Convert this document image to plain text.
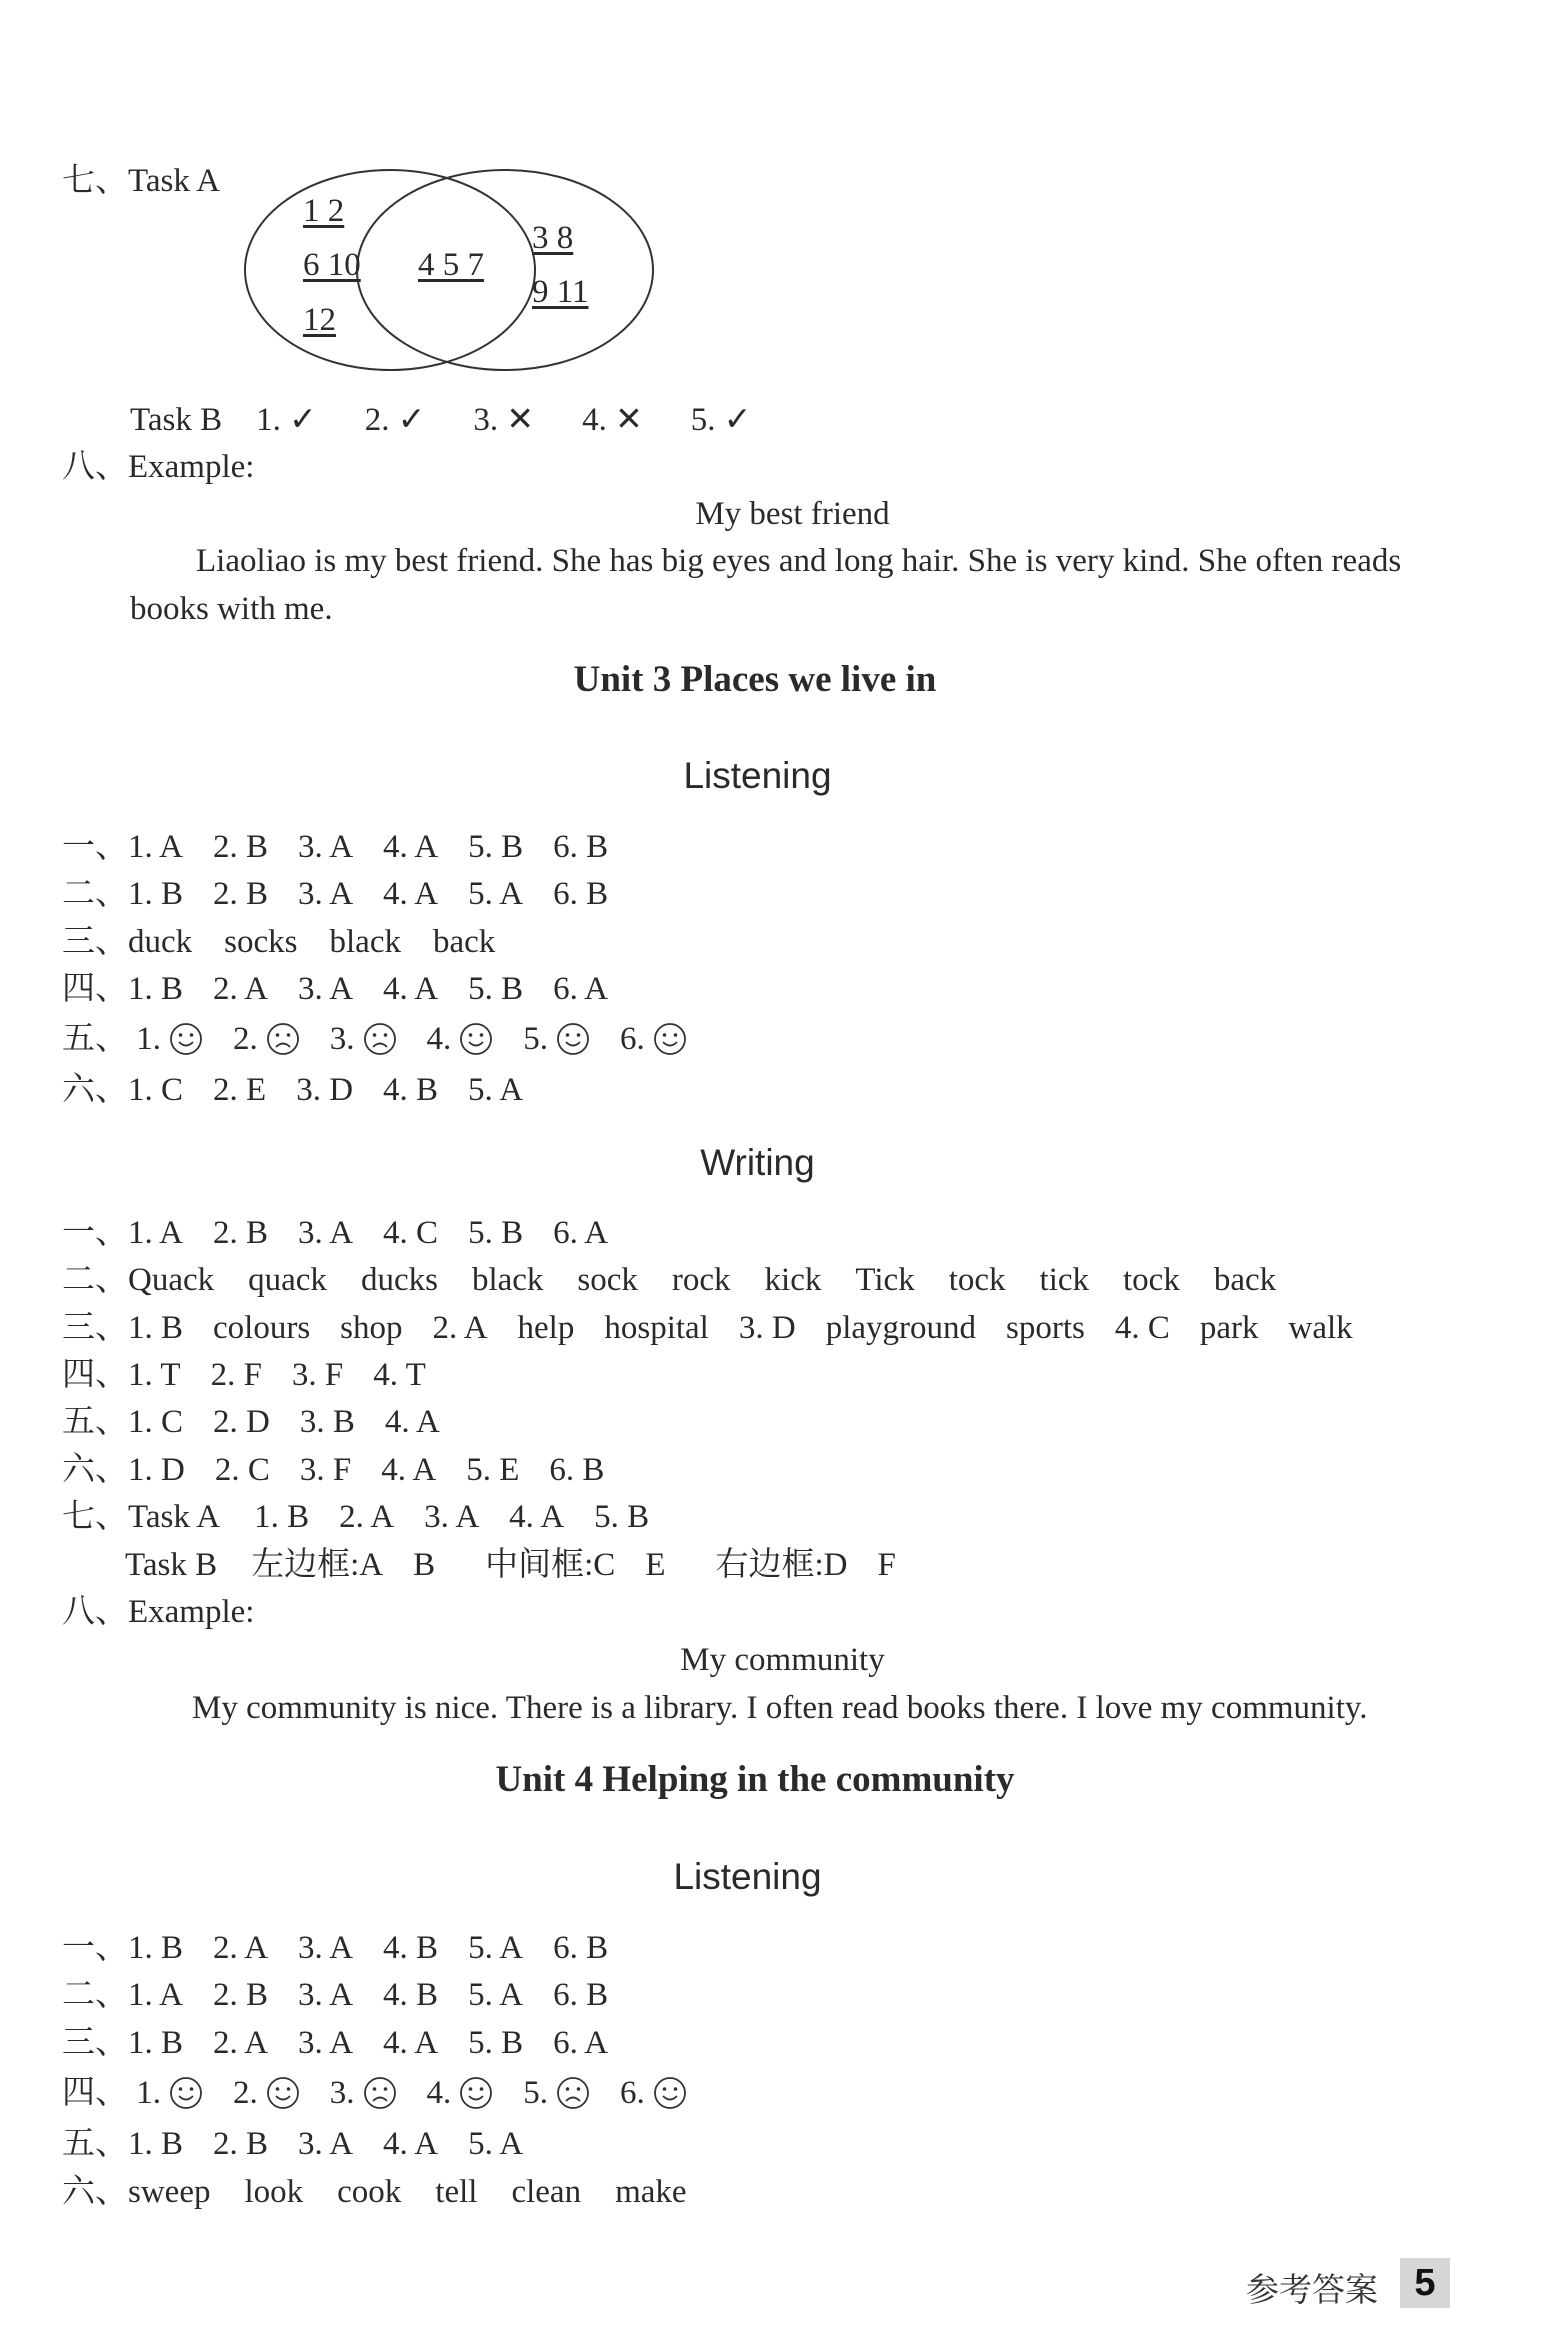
七、Task A
1 2
6 10
12
4 5 7
3 8
9 11
Task B 1. ✓ 2. ✓ 3. ✕ 4. ✕ 5. ✓
八、Example:
My best friend
Liaoliao is my best friend. She has big eyes and long hair. She is very kind. She often reads books with me.
Unit 3 Places we live in
Listening
一、1. A 2. B 3. A 4. A 5. B 6. B
二、1. B 2. B 3. A 4. A 5. A 6. B
三、duck socks black back
四、1. B 2. A 3. A 4. A 5. B 6. A
五、 1. 2. 3. 4. 5. 6.
六、1. C 2. E 3. D 4. B 5. A
Writing
一、1. A 2. B 3. A 4. C 5. B 6. A
二、Quack quack ducks black sock rock kick Tick tock tick tock back
三、1. B colours shop 2. A help hospital 3. D playground sports 4. C park walk
四、1. T 2. F 3. F 4. T
五、1. C 2. D 3. B 4. A
六、1. D 2. C 3. F 4. A 5. E 6. B
七、Task A 1. B 2. A 3. A 4. A 5. B
Task B 左边框:A B 中间框:C E 右边框:D F
八、Example:
My community
My community is nice. There is a library. I often read books there. I love my community.
Unit 4 Helping in the community
Listening
一、1. B 2. A 3. A 4. B 5. A 6. B
二、1. A 2. B 3. A 4. B 5. A 6. B
三、1. B 2. A 3. A 4. A 5. B 6. A
四、 1. 2. 3. 4. 5. 6.
五、1. B 2. B 3. A 4. A 5. A
六、sweep look cook tell clean make
参考答案 5
